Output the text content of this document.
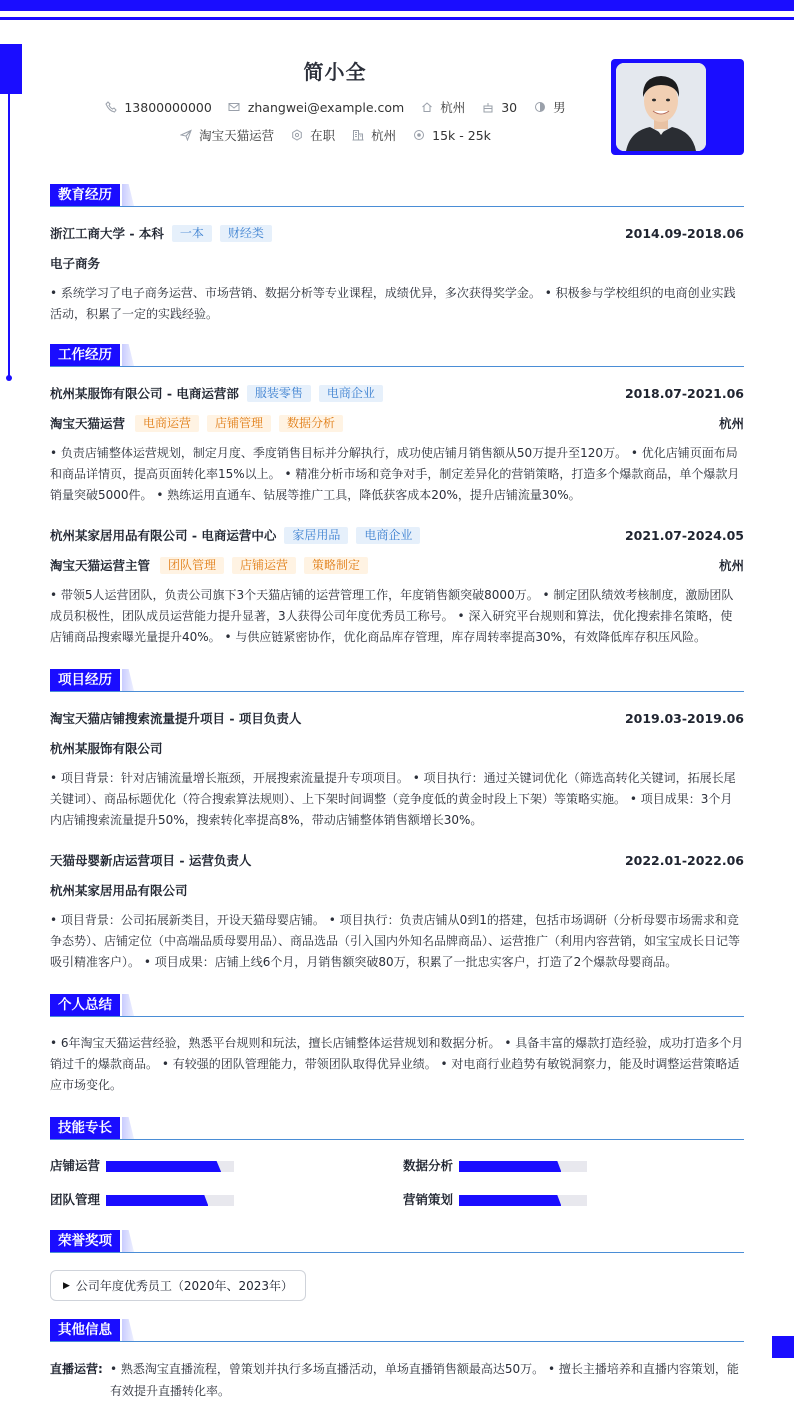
简小全
13800000000	zhangwei@example.com	杭州	30	男
淘宝天猫运营	在职	杭州	15k - 25k
教育经历
浙江工商大学 - 本科	一本	财经类	2014.09-2018.06
电子商务
• 系统学习了电子商务运营、市场营销、数据分析等专业课程，成绩优异，多次获得奖学金。 • 积极参与学校组织的电商创业实践活动，积累了一定的实践经验。
工作经历
杭州某服饰有限公司 - 电商运营部	服装零售	电商企业	2018.07-2021.06
淘宝天猫运营	电商运营	店铺管理	数据分析	杭州
• 负责店铺整体运营规划，制定月度、季度销售目标并分解执行，成功使店铺月销售额从50万提升至120万。 • 优化店铺页面布局和商品详情页，提高页面转化率15%以上。 • 精准分析市场和竞争对手，制定差异化的营销策略，打造多个爆款商品，单个爆款月销量突破5000件。 • 熟练运用直通车、钻展等推广工具，降低获客成本20%，提升店铺流量30%。
杭州某家居用品有限公司 - 电商运营中心	家居用品	电商企业	2021.07-2024.05
淘宝天猫运营主管	团队管理	店铺运营	策略制定	杭州
• 带领5人运营团队，负责公司旗下3个天猫店铺的运营管理工作，年度销售额突破8000万。 • 制定团队绩效考核制度，激励团队成员积极性，团队成员运营能力提升显著，3人获得公司年度优秀员工称号。 • 深入研究平台规则和算法，优化搜索排名策略，使店铺商品搜索曝光量提升40%。 • 与供应链紧密协作，优化商品库存管理，库存周转率提高30%，有效降低库存积压风险。
项目经历
淘宝天猫店铺搜索流量提升项目 - 项目负责人	2019.03-2019.06
杭州某服饰有限公司
• 项目背景：针对店铺流量增长瓶颈，开展搜索流量提升专项项目。 • 项目执行：通过关键词优化（筛选高转化关键词，拓展长尾关键词）、商品标题优化（符合搜索算法规则）、上下架时间调整（竞争度低的黄金时段上下架）等策略实施。 • 项目成果：3个月内店铺搜索流量提升50%，搜索转化率提高8%，带动店铺整体销售额增长30%。
天猫母婴新店运营项目 - 运营负责人	2022.01-2022.06
杭州某家居用品有限公司
• 项目背景：公司拓展新类目，开设天猫母婴店铺。 • 项目执行：负责店铺从0到1的搭建，包括市场调研（分析母婴市场需求和竞争态势）、店铺定位（中高端品质母婴用品）、商品选品（引入国内外知名品牌商品）、运营推广（利用内容营销，如宝宝成长日记等吸引精准客户）。 • 项目成果：店铺上线6个月，月销售额突破80万，积累了一批忠实客户，打造了2个爆款母婴商品。
个人总结
• 6年淘宝天猫运营经验，熟悉平台规则和玩法，擅长店铺整体运营规划和数据分析。 • 具备丰富的爆款打造经验，成功打造多个月销过千的爆款商品。 • 有较强的团队管理能力，带领团队取得优异业绩。 • 对电商行业趋势有敏锐洞察力，能及时调整运营策略适应市场变化。
技能专长
店铺运营	数据分析
团队管理	营销策划
荣誉奖项
▶ 公司年度优秀员工（2020年、2023年）
其他信息
直播运营: • 熟悉淘宝直播流程，曾策划并执行多场直播活动，单场直播销售额最高达50万。 • 擅长主播培养和直播内容策划，能有效提升直播转化率。
